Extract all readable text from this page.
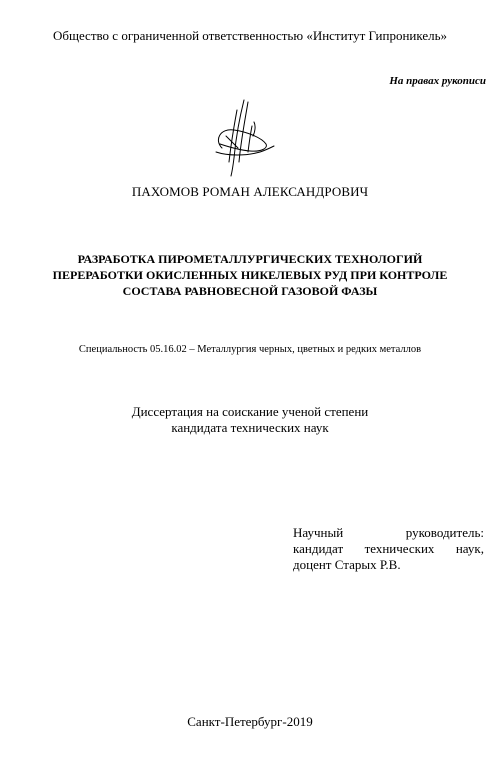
Общество с ограниченной ответственностью «Институт Гипроникель»
На правах рукописи
ПАХОМОВ РОМАН АЛЕКСАНДРОВИЧ
РАЗРАБОТКА ПИРОМЕТАЛЛУРГИЧЕСКИХ ТЕХНОЛОГИЙ
ПЕРЕРАБОТКИ ОКИСЛЕННЫХ НИКЕЛЕВЫХ РУД ПРИ КОНТРОЛЕ
СОСТАВА РАВНОВЕСНОЙ ГАЗОВОЙ ФАЗЫ
Специальность 05.16.02 – Металлургия черных, цветных и редких металлов
Диссертация на соискание ученой степени
кандидата технических наук
Научный	руководитель:
кандидат технических наук,
доцент Старых Р.В.
Санкт-Петербург-2019
